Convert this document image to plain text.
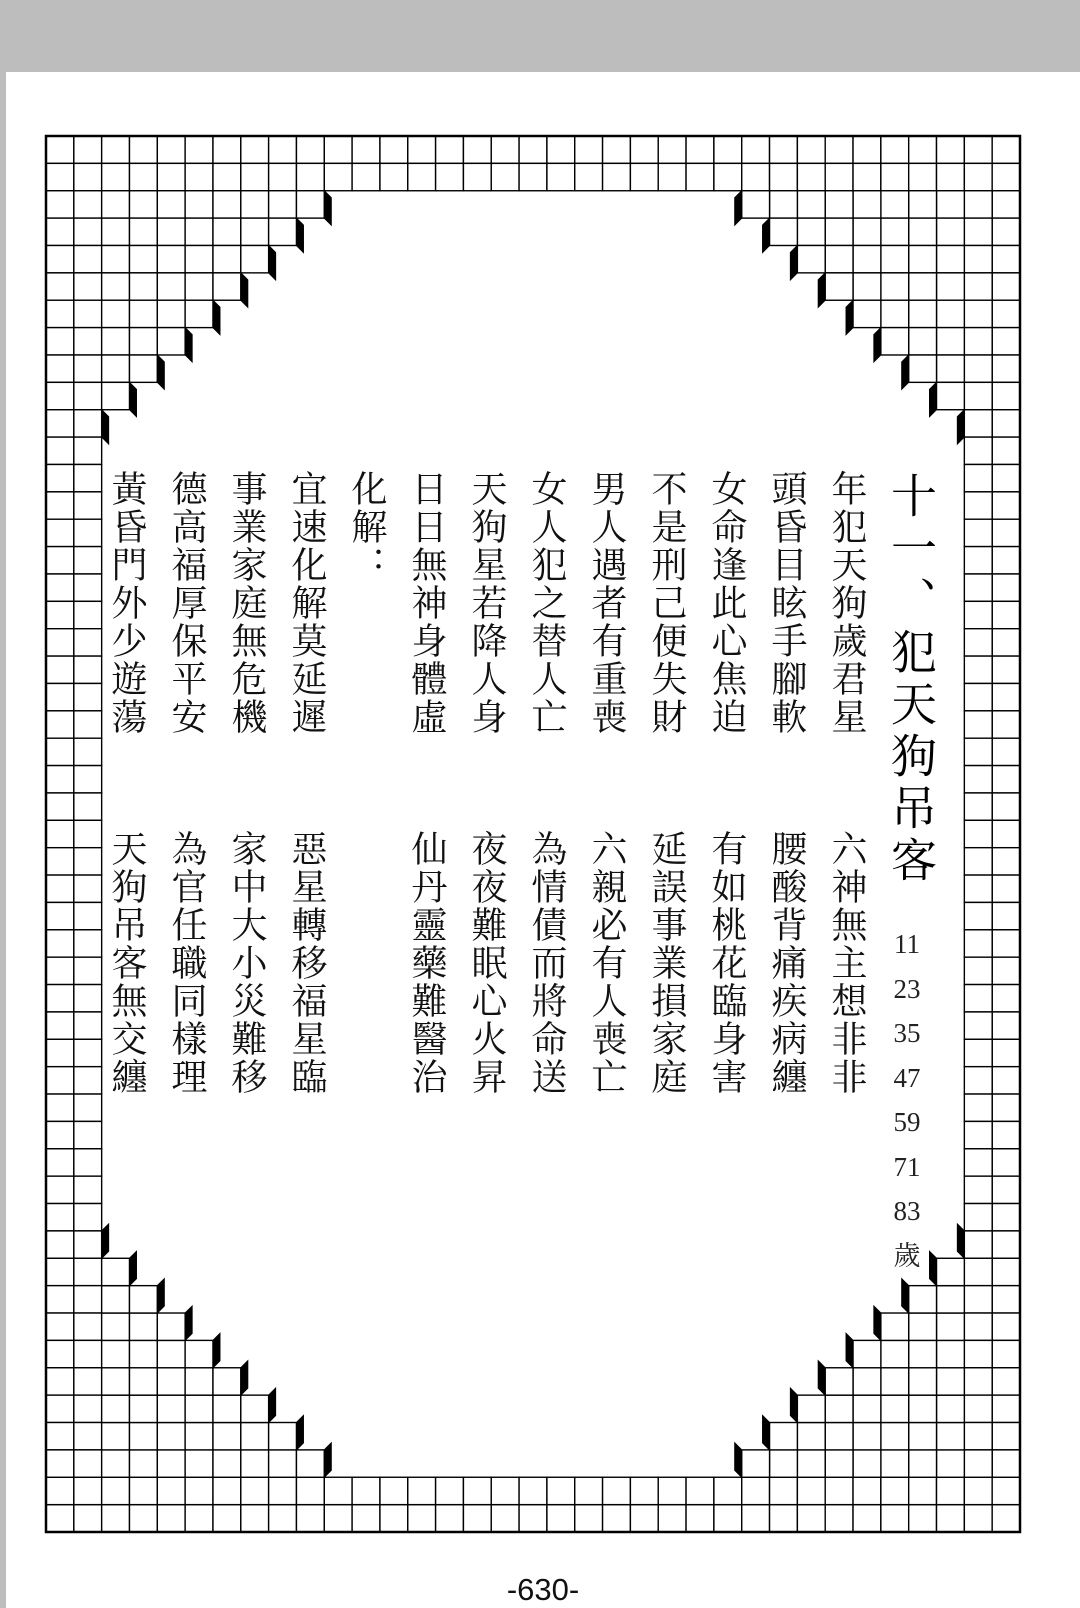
十一、犯天狗吊客
年犯天狗歲君星
頭昏目眩手腳軟
女命逢此心焦迫
不是刑己便失財
男人遇者有重喪
女人犯之替人亡
天狗星若降人身
日日無神身體虛
化解：
宜速化解莫延遲
事業家庭無危機
德高福厚保平安
黃昏門外少遊蕩
六神無主想非非
腰酸背痛疾病纏
有如桃花臨身害
延誤事業損家庭
六親必有人喪亡
為情債而將命送
夜夜難眠心火昇
仙丹靈藥難醫治
惡星轉移福星臨
家中大小災難移
為官任職同樣理
天狗吊客無交纏	11
23
35
47
59
71
83
歲
-630-
